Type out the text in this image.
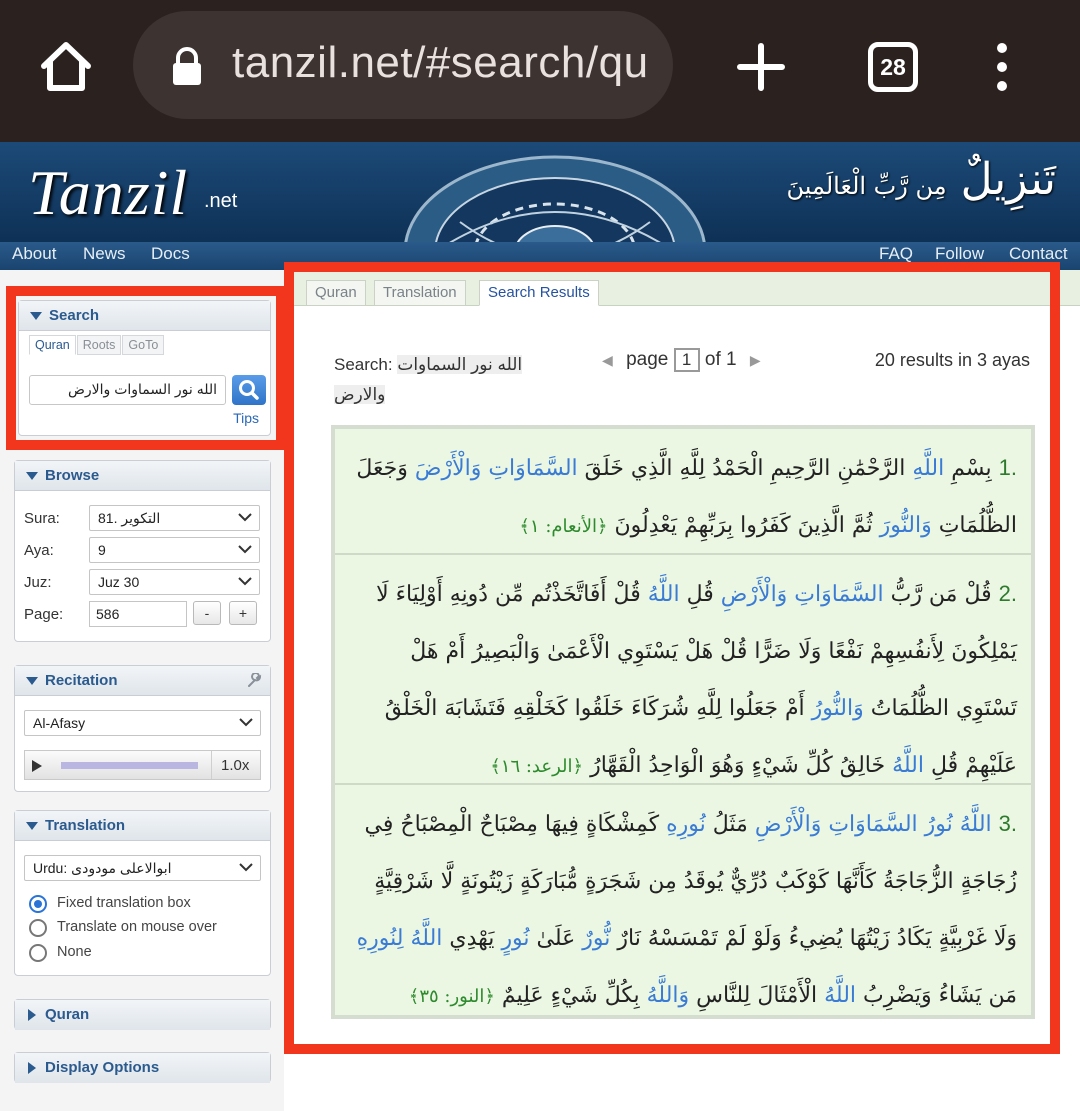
tanzil.net/#search/qu	28
Tanzil .net	تَنزِيلٌ مِن رَّبِّ الْعَالَمِينَ
About News Docs	FAQ Follow Contact
Search
Quran Roots GoTo
الله نور السماوات والارض
Tips
Browse
Sura:	81. التكوير
Aya:	9
Juz:	Juz 30
Page:	586	-	+
Recitation
Al-Afasy
1.0x
Translation
Urdu: ابوالاعلی مودودی
Fixed translation box
Translate on mouse over
None
Quran
Display Options
Quran	Translation	Search Results
Search: الله نور السماوات والارض
◀ page 1 of 1 ▶	20 results in 3 ayas
1. بِسْمِ اللَّهِ الرَّحْمَٰنِ الرَّحِيمِ الْحَمْدُ لِلَّهِ الَّذِي خَلَقَ السَّمَاوَاتِ وَالْأَرْضَ وَجَعَلَ الظُّلُمَاتِ وَالنُّورَ ثُمَّ الَّذِينَ كَفَرُوا بِرَبِّهِمْ يَعْدِلُونَ ﴿الأنعام: ١﴾
2. قُلْ مَن رَّبُّ السَّمَاوَاتِ وَالْأَرْضِ قُلِ اللَّهُ قُلْ أَفَاتَّخَذْتُم مِّن دُونِهِ أَوْلِيَاءَ لَا يَمْلِكُونَ لِأَنفُسِهِمْ نَفْعًا وَلَا ضَرًّا قُلْ هَلْ يَسْتَوِي الْأَعْمَىٰ وَالْبَصِيرُ أَمْ هَلْ تَسْتَوِي الظُّلُمَاتُ وَالنُّورُ أَمْ جَعَلُوا لِلَّهِ شُرَكَاءَ خَلَقُوا كَخَلْقِهِ فَتَشَابَهَ الْخَلْقُ عَلَيْهِمْ قُلِ اللَّهُ خَالِقُ كُلِّ شَيْءٍ وَهُوَ الْوَاحِدُ الْقَهَّارُ ﴿الرعد: ١٦﴾
3. اللَّهُ نُورُ السَّمَاوَاتِ وَالْأَرْضِ مَثَلُ نُورِهِ كَمِشْكَاةٍ فِيهَا مِصْبَاحٌ الْمِصْبَاحُ فِي زُجَاجَةٍ الزُّجَاجَةُ كَأَنَّهَا كَوْكَبٌ دُرِّيٌّ يُوقَدُ مِن شَجَرَةٍ مُّبَارَكَةٍ زَيْتُونَةٍ لَّا شَرْقِيَّةٍ وَلَا غَرْبِيَّةٍ يَكَادُ زَيْتُهَا يُضِيءُ وَلَوْ لَمْ تَمْسَسْهُ نَارٌ نُّورٌ عَلَىٰ نُورٍ يَهْدِي اللَّهُ لِنُورِهِ مَن يَشَاءُ وَيَضْرِبُ اللَّهُ الْأَمْثَالَ لِلنَّاسِ وَاللَّهُ بِكُلِّ شَيْءٍ عَلِيمٌ ﴿النور: ٣٥﴾
